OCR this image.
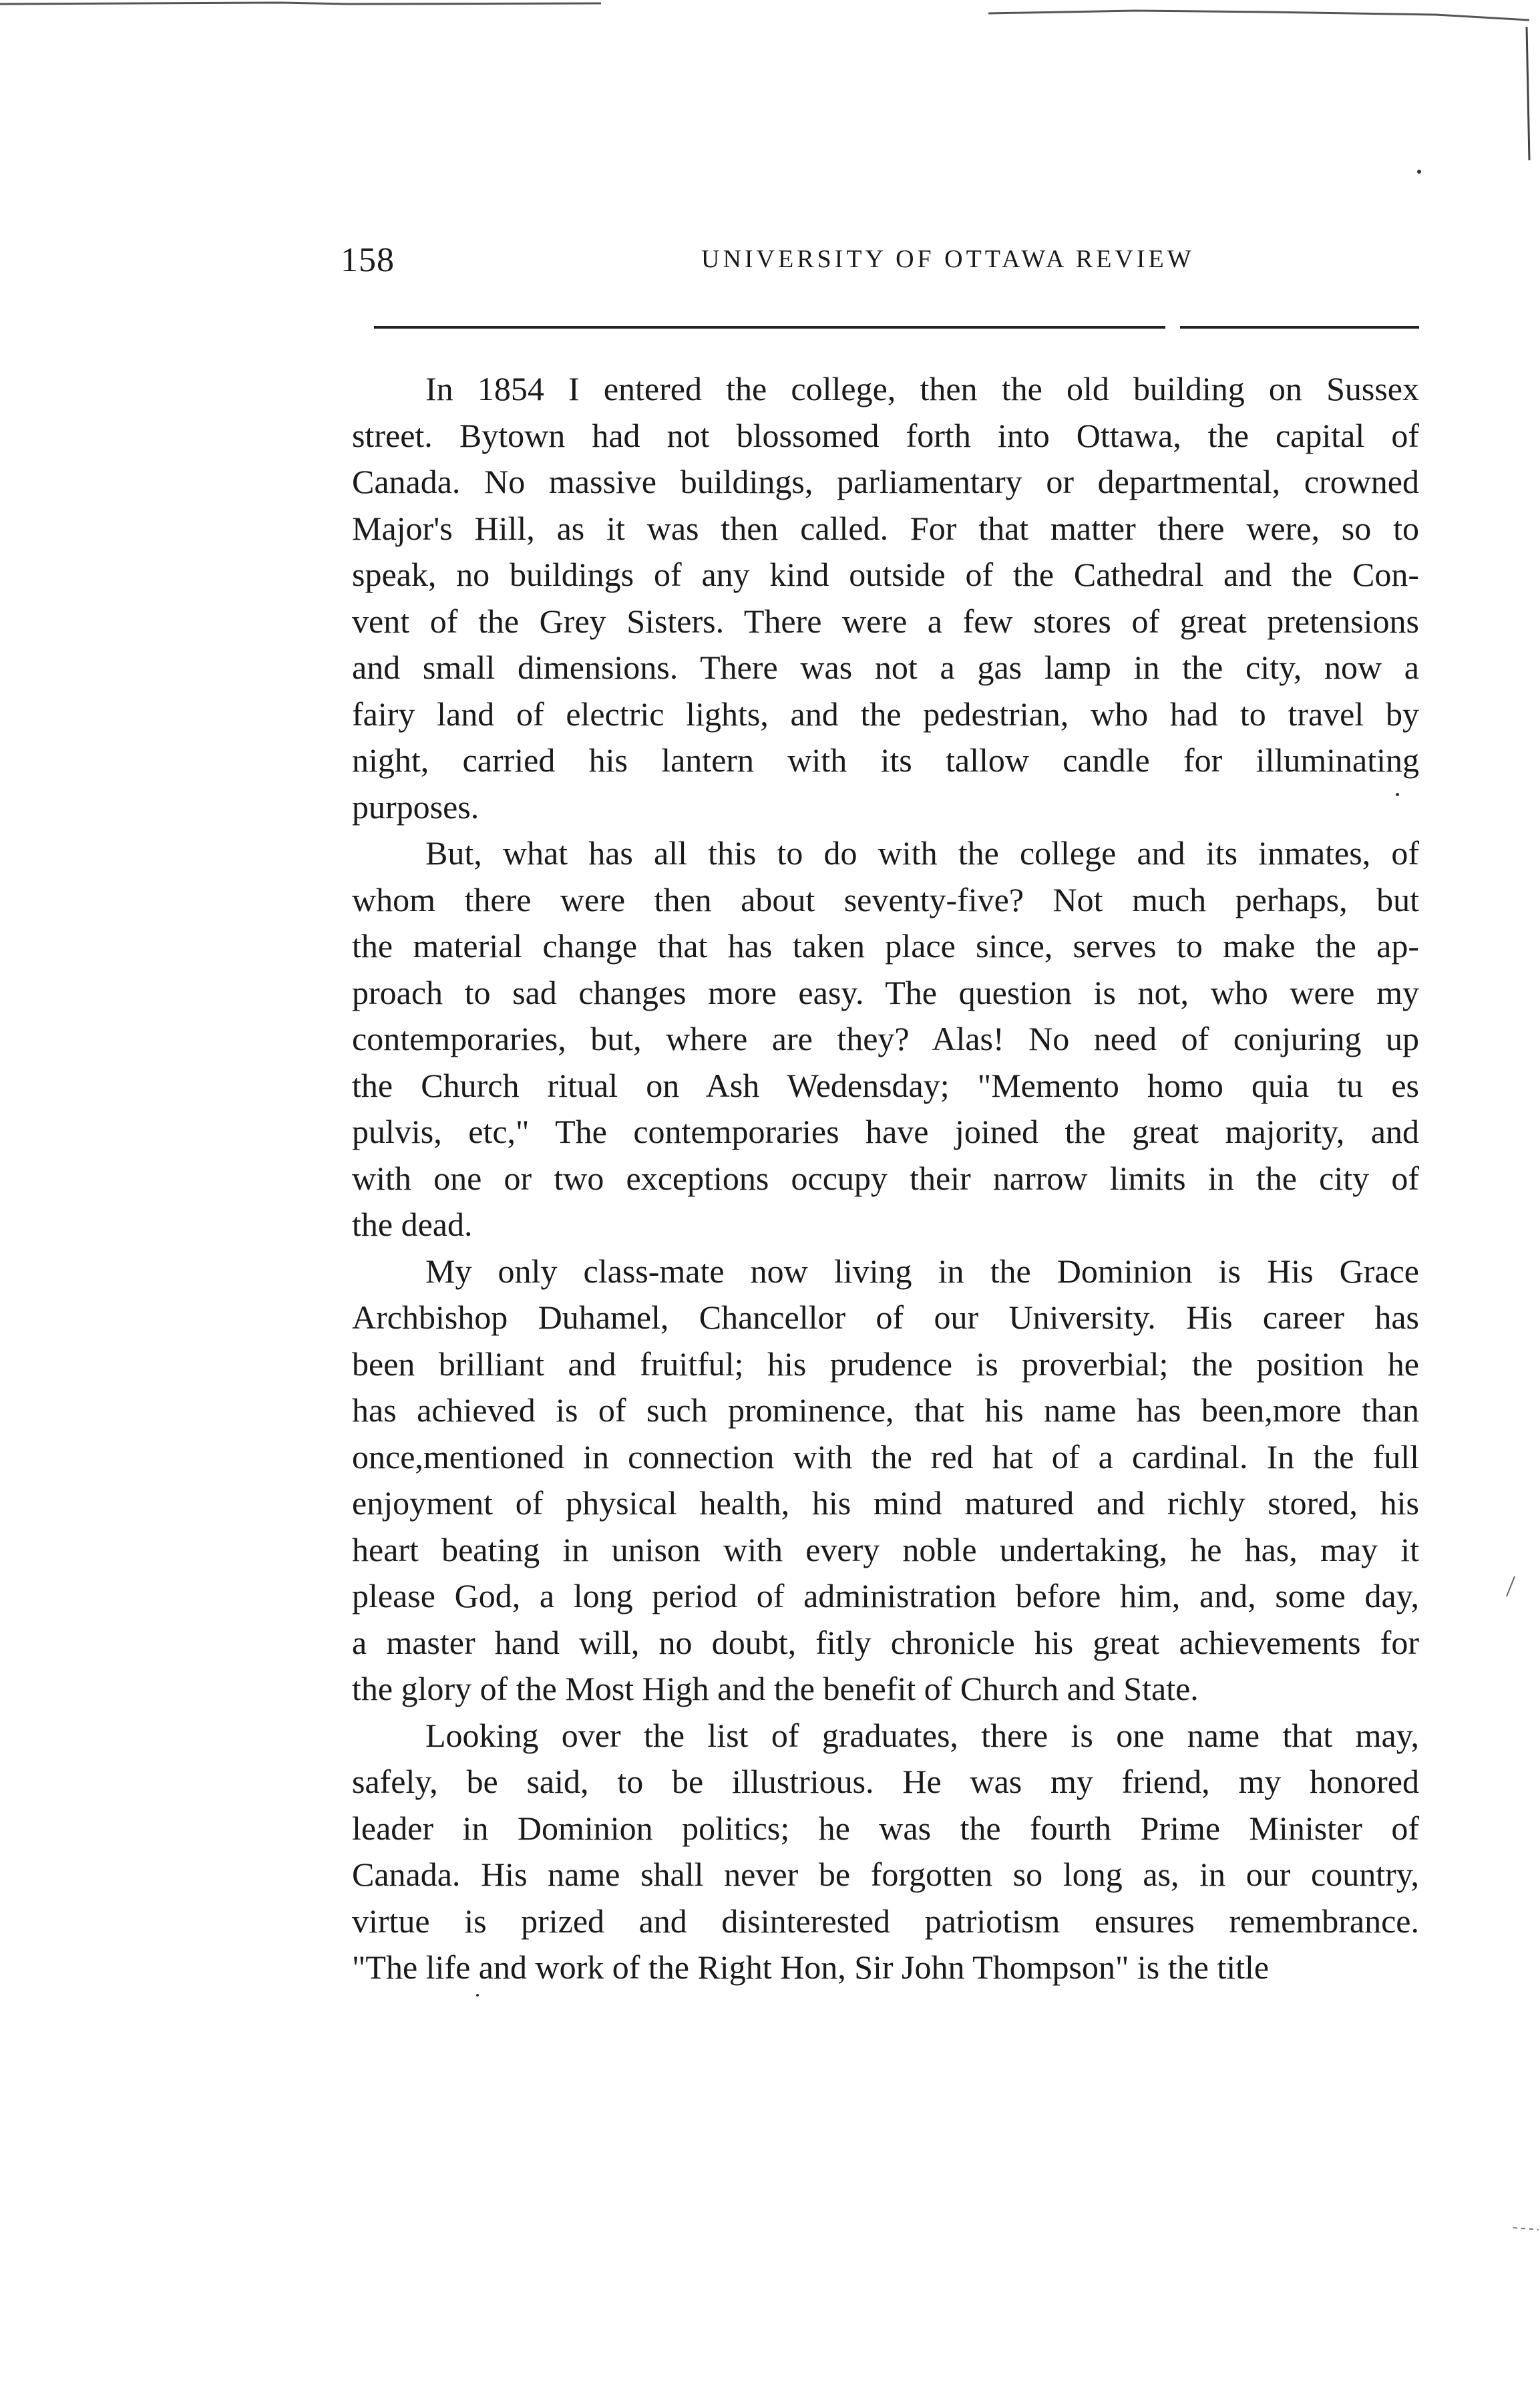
158	UNIVERSITY OF OTTAWA REVIEW

In 1854 I entered the college, then the old building on Sussex
street. Bytown had not blossomed forth into Ottawa, the capital of
Canada. No massive buildings, parliamentary or departmental, crowned
Major's Hill, as it was then called. For that matter there were, so to
speak, no buildings of any kind outside of the Cathedral and the Con-
vent of the Grey Sisters. There were a few stores of great pretensions
and small dimensions. There was not a gas lamp in the city, now a
fairy land of electric lights, and the pedestrian, who had to travel by
night, carried his lantern with its tallow candle for illuminating
purposes.

But, what has all this to do with the college and its inmates, of
whom there were then about seventy-five? Not much perhaps, but
the material change that has taken place since, serves to make the ap-
proach to sad changes more easy. The question is not, who were my
contemporaries, but, where are they? Alas! No need of conjuring up
the Church ritual on Ash Wedensday; "Memento homo quia tu es
pulvis, etc," The contemporaries have joined the great majority, and
with one or two exceptions occupy their narrow limits in the city of
the dead.

My only class-mate now living in the Dominion is His Grace
Archbishop Duhamel, Chancellor of our University. His career has
been brilliant and fruitful; his prudence is proverbial; the position he
has achieved is of such prominence, that his name has been,more than
once,mentioned in connection with the red hat of a cardinal. In the full
enjoyment of physical health, his mind matured and richly stored, his
heart beating in unison with every noble undertaking, he has, may it
please God, a long period of administration before him, and, some day,
a master hand will, no doubt, fitly chronicle his great achievements for
the glory of the Most High and the benefit of Church and State.

Looking over the list of graduates, there is one name that may,
safely, be said, to be illustrious. He was my friend, my honored
leader in Dominion politics; he was the fourth Prime Minister of
Canada. His name shall never be forgotten so long as, in our country,
virtue is prized and disinterested patriotism ensures remembrance.
"The life and work of the Right Hon, Sir John Thompson" is the title
